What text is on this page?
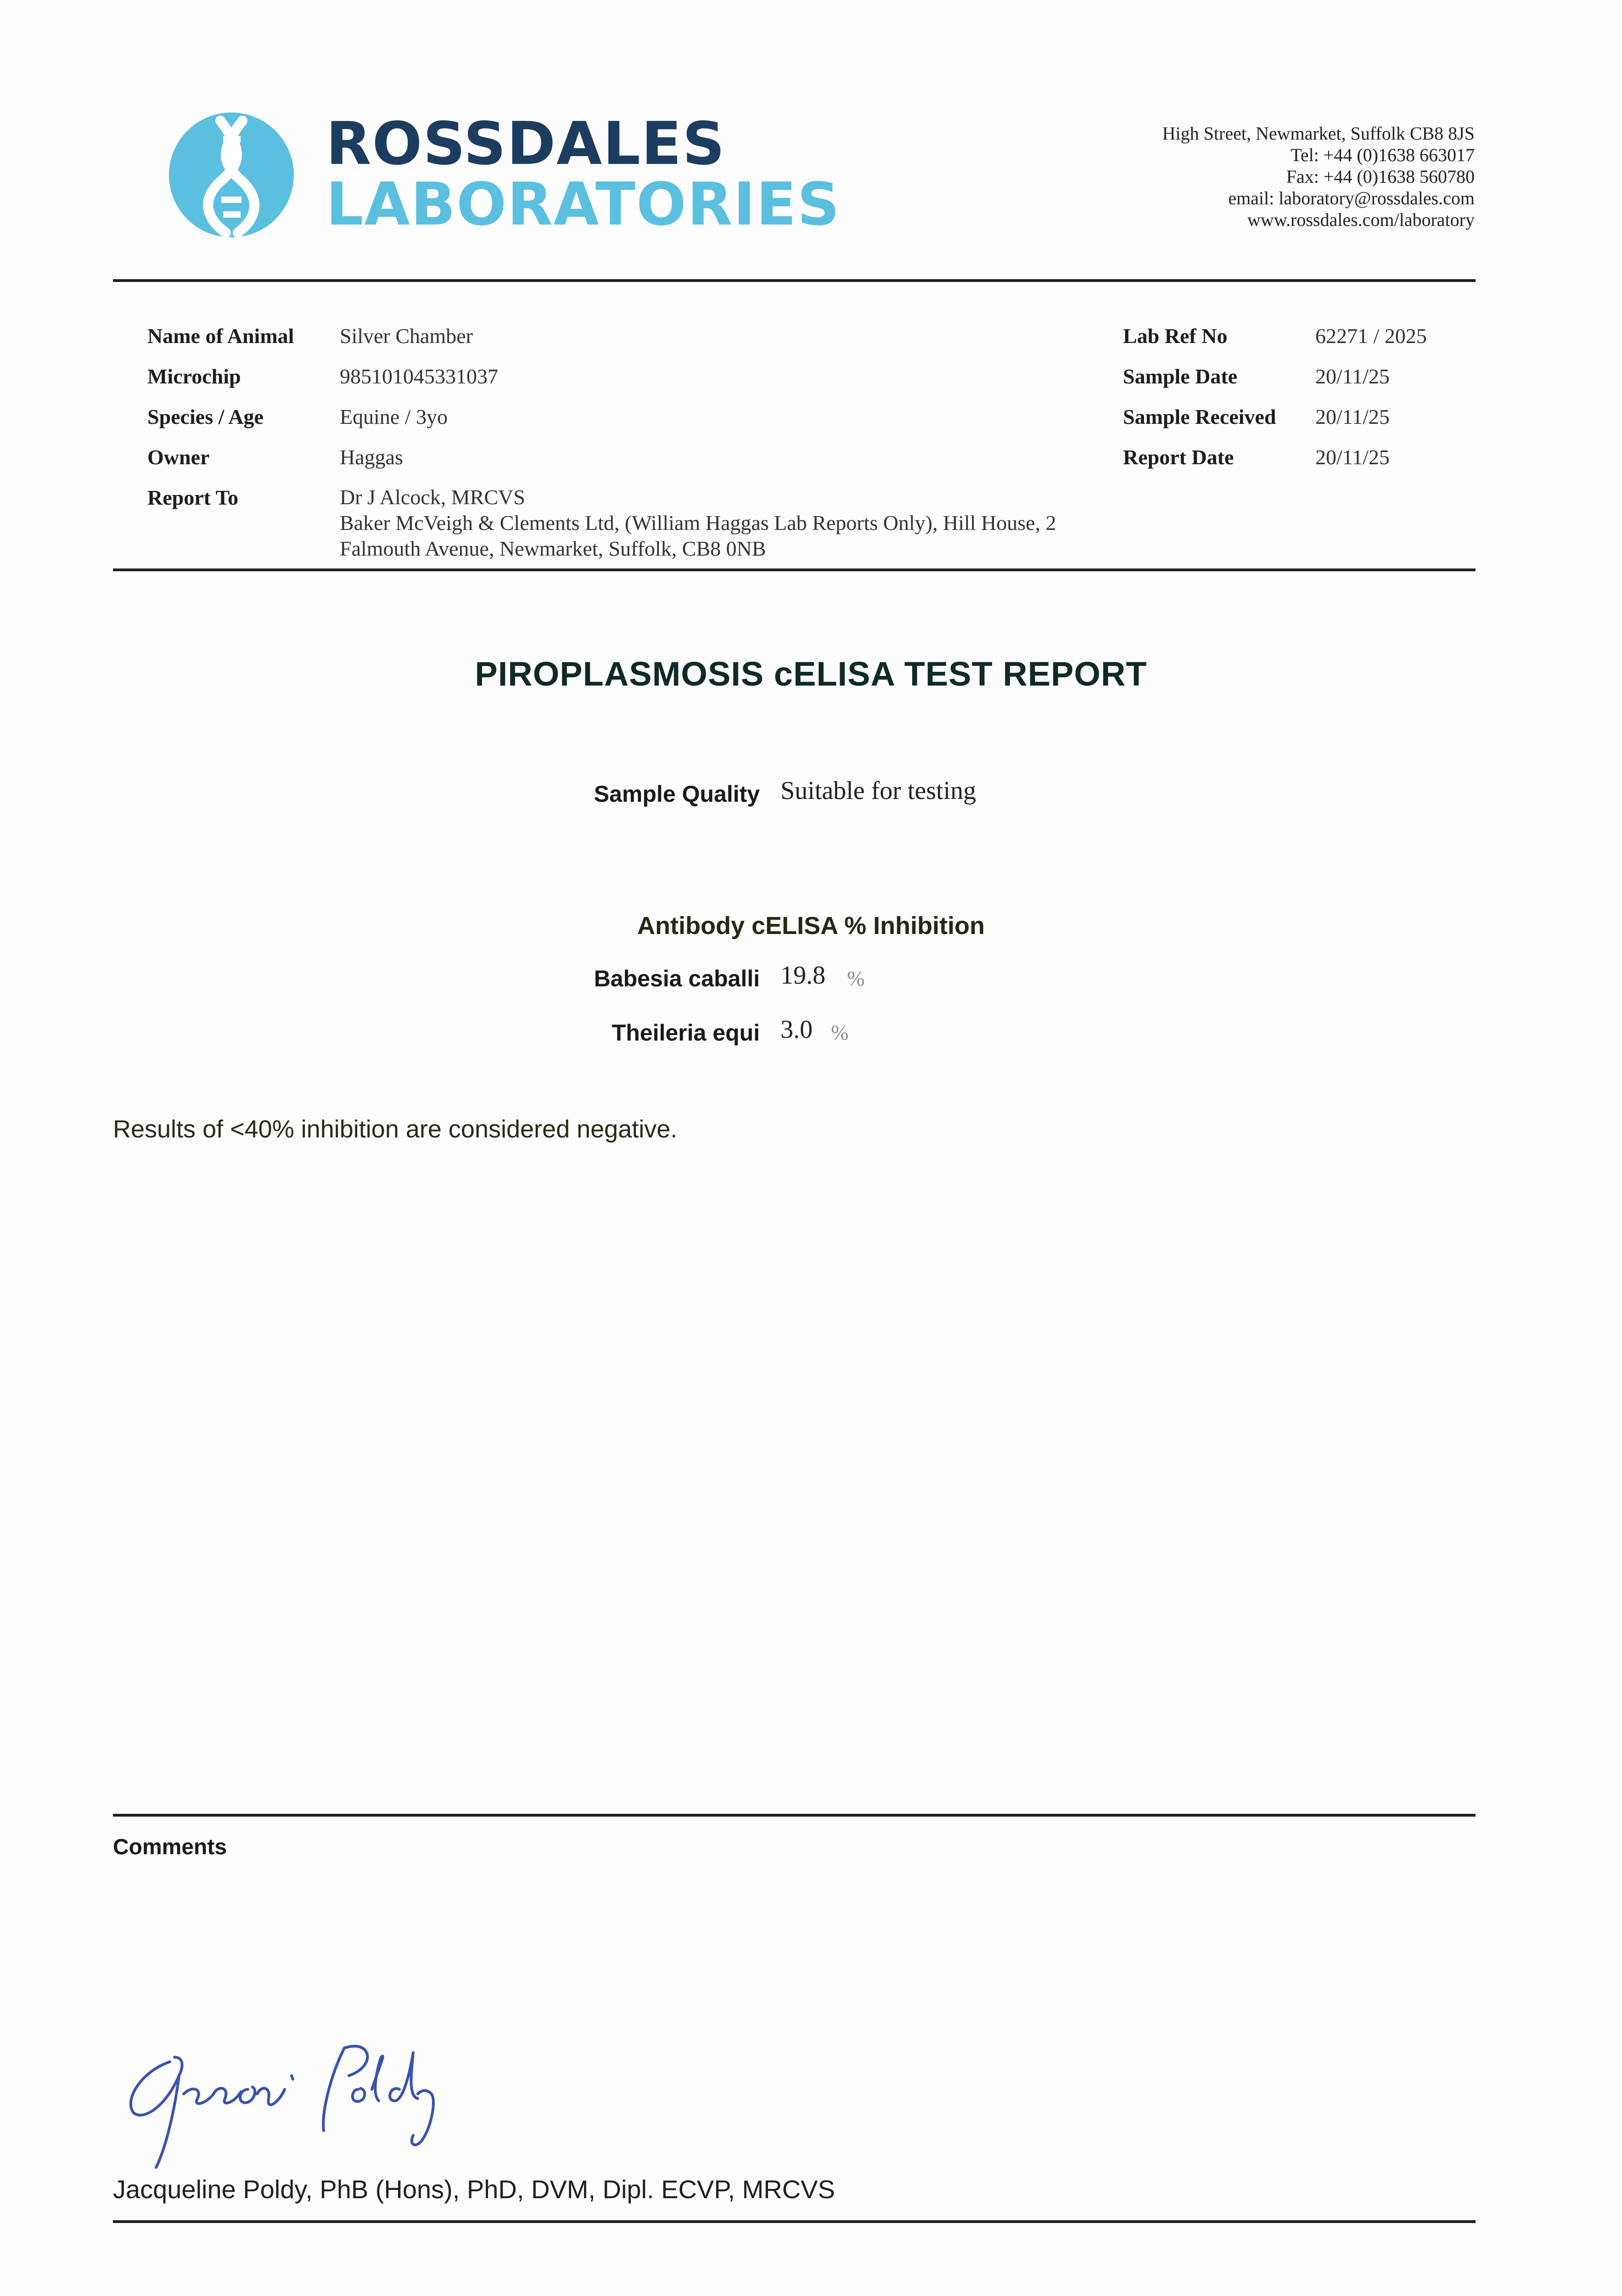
ROSSDALES
LABORATORIES
High Street, Newmarket, Suffolk CB8 8JS
Tel: +44 (0)1638 663017
Fax: +44 (0)1638 560780
email: laboratory@rossdales.com
www.rossdales.com/laboratory
Name of Animal Silver Chamber
Microchip	985101045331037
Species / Age	Equine / 3yo
Owner	Haggas
Report To	Dr J Alcock, MRCVS
Baker McVeigh & Clements Ltd, (William Haggas Lab Reports Only), Hill House, 2
Falmouth Avenue, Newmarket, Suffolk, CB8 0NB
Lab Ref No	62271 / 2025
Sample Date	20/11/25
Sample Received 20/11/25
Report Date	20/11/25
PIROPLASMOSIS cELISA TEST REPORT
Sample Quality Suitable for testing
Antibody cELISA % Inhibition
Babesia caballi 19.8 %
Theileria equi 3.0 %
Results of <40% inhibition are considered negative.
Comments
Jacqueline Poldy
Jacqueline Poldy, PhB (Hons), PhD, DVM, Dipl. ECVP, MRCVS
